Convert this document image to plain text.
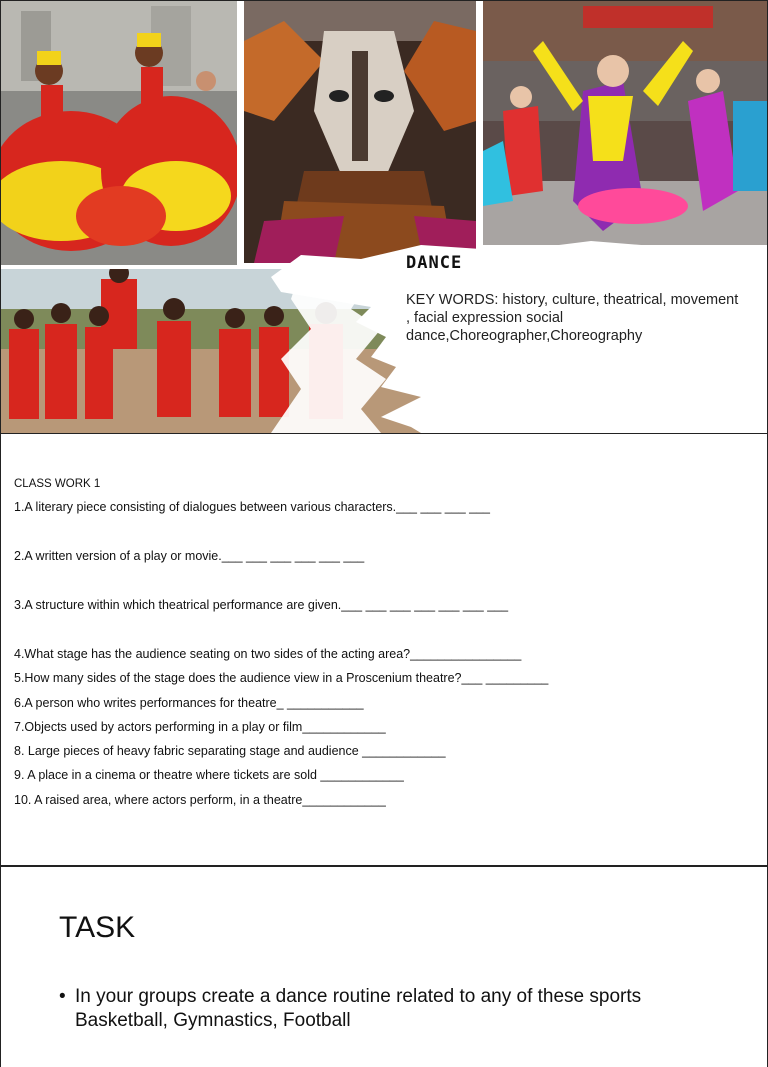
DANCE
KEY WORDS: history, culture, theatrical, movement , facial expression social dance,Choreographer,Choreography
CLASS WORK 1
1.A literary piece consisting of dialogues between various characters.___ ___ ___ ___
2.A written version of a play or movie.___ ___ ___ ___ ___ ___
3.A structure within which theatrical performance are given.___ ___ ___ ___ ___ ___ ___
4.What stage has the audience seating on two sides of the acting area?________________
5.How many sides of the stage does the audience view in a Proscenium theatre?___ _________
6.A person who writes performances for theatre_ ___________
7.Objects used by actors performing in a play or film____________
8. Large pieces of heavy fabric separating stage and audience ____________
9. A place in a cinema or theatre where tickets are sold ____________
10. A raised area, where actors perform, in a theatre____________
TASK
• In your groups create a dance routine related to any of these sports
Basketball, Gymnastics, Football
